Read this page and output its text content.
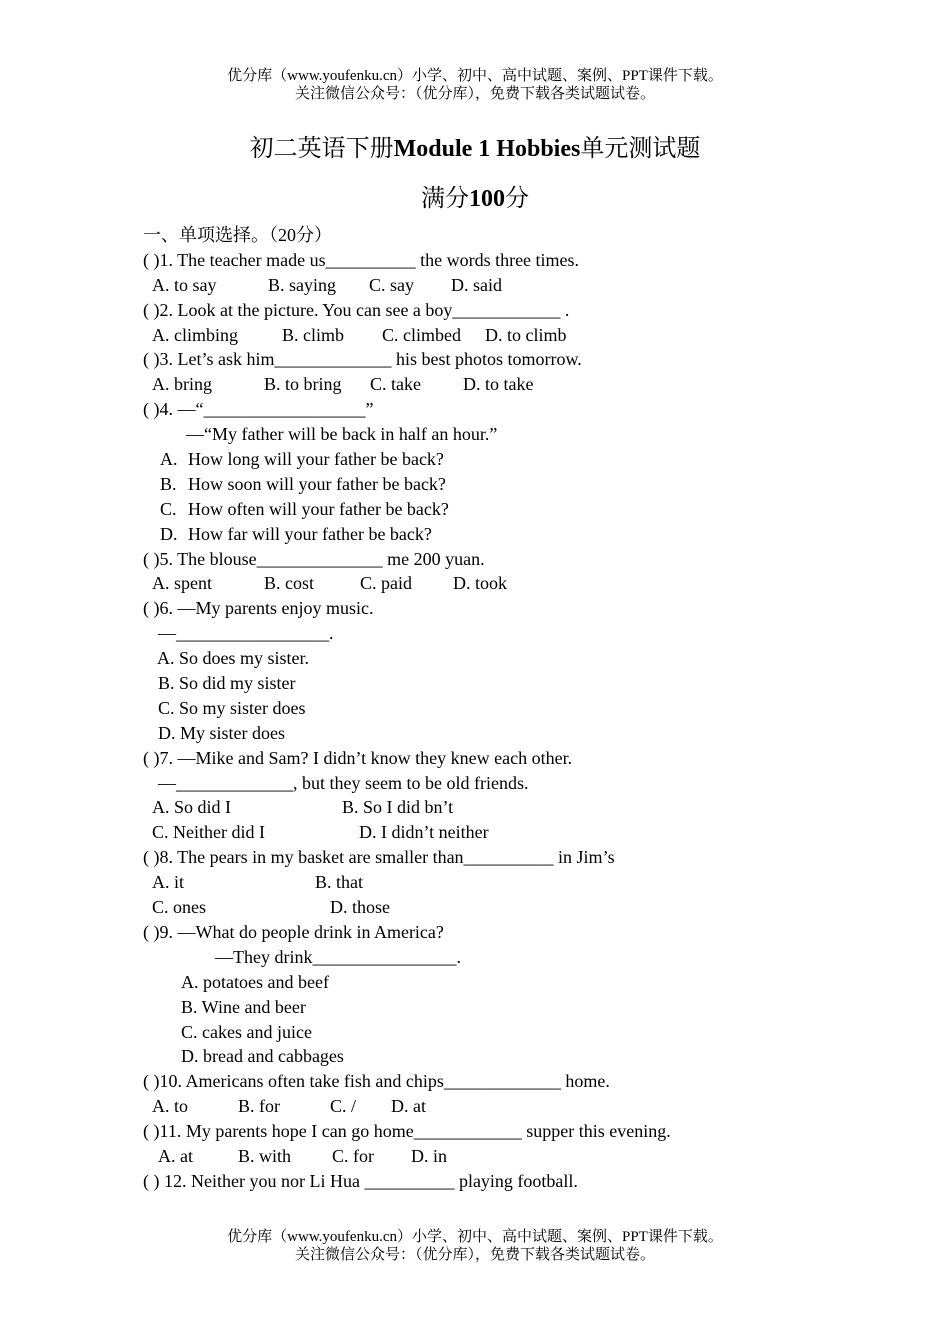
优分库（www.youfenku.cn）小学、初中、高中试题、案例、PPT课件下载。
关注微信公众号：（优分库），免费下载各类试题试卷。
初二英语下册Module 1 Hobbies单元测试题
满分100分
一、单项选择。（20分）
( )1. The teacher made us__________ the words three times.
A. to say	B. saying C. say D. said
( )2. Look at the picture. You can see a boy____________ .
A. climbing B. climb C. climbed D. to climb
( )3. Let’s ask him_____________ his best photos tomorrow.
A. bring	B. to bring C. take D. to take
( )4. —“__________________”
—“My father will be back in half an hour.”
A. How long will your father be back?
B. How soon will your father be back?
C. How often will your father be back?
D. How far will your father be back?
( )5. The blouse______________ me 200 yuan.
A. spent	B. cost	C. paid D. took
( )6. —My parents enjoy music.
—_________________.
A. So does my sister.
B. So did my sister
C. So my sister does
D. My sister does
( )7. —Mike and Sam? I didn’t know they knew each other.
—_____________, but they seem to be old friends.
A. So did I	B. So I did bn’t
C. Neither did I	D. I didn’t neither
( )8. The pears in my basket are smaller than__________ in Jim’s
A. it	B. that
C. ones	D. those
( )9. —What do people drink in America?
—They drink________________.
A. potatoes and beef
B. Wine and beer
C. cakes and juice
D. bread and cabbages
( )10. Americans often take fish and chips_____________ home.
A. to	B. for	C. / D. at
( )11. My parents hope I can go home____________ supper this evening.
A. at	B. with C. for D. in
( ) 12. Neither you nor Li Hua __________ playing football.
优分库（www.youfenku.cn）小学、初中、高中试题、案例、PPT课件下载。
关注微信公众号：（优分库），免费下载各类试题试卷。
